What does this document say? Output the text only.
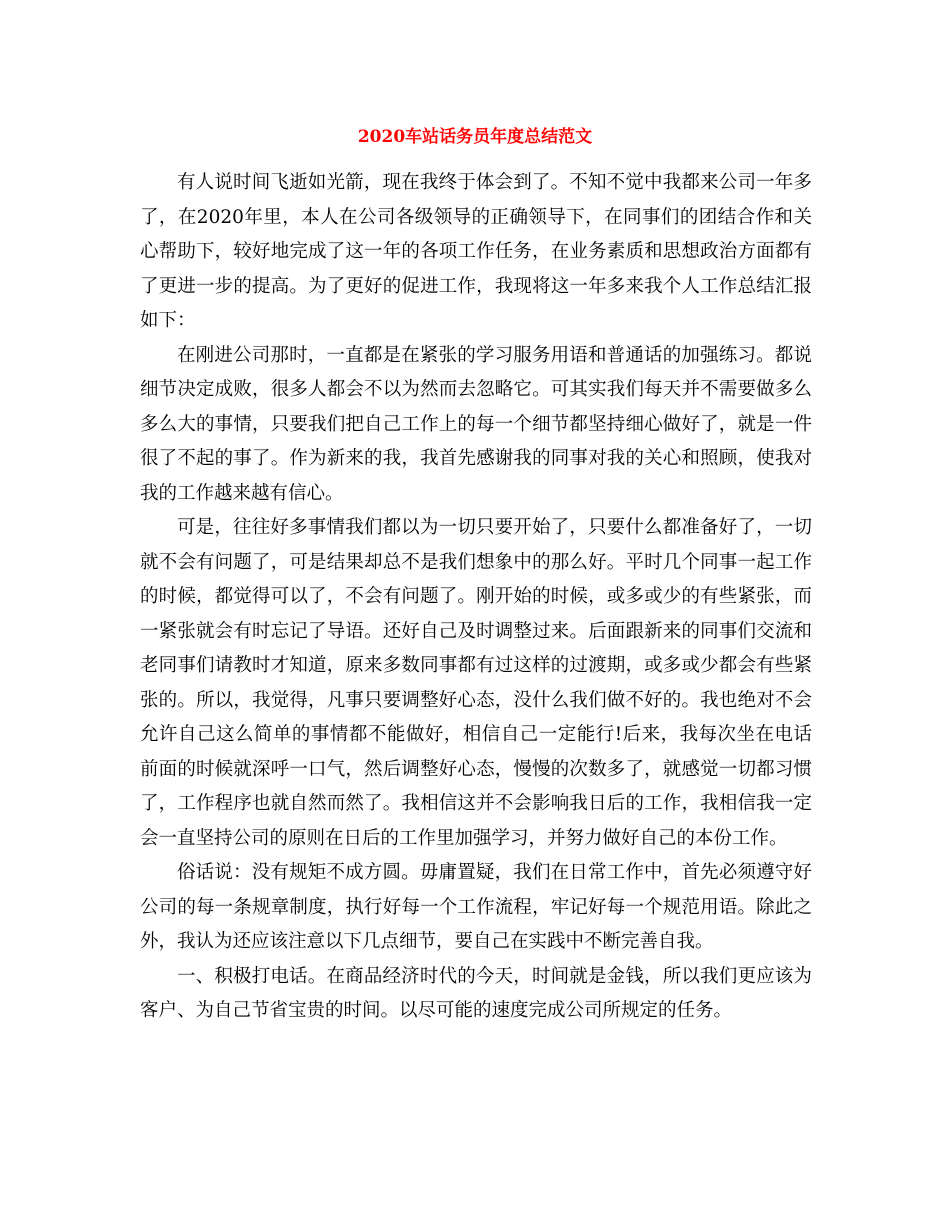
2020车站话务员年度总结范文

有人说时间飞逝如光箭，现在我终于体会到了。不知不觉中我都来公司一年多了，在2020年里，本人在公司各级领导的正确领导下，在同事们的团结合作和关心帮助下，较好地完成了这一年的各项工作任务，在业务素质和思想政治方面都有了更进一步的提高。为了更好的促进工作，我现将这一年多来我个人工作总结汇报如下：

在刚进公司那时，一直都是在紧张的学习服务用语和普通话的加强练习。都说细节决定成败，很多人都会不以为然而去忽略它。可其实我们每天并不需要做多么多么大的事情，只要我们把自己工作上的每一个细节都坚持细心做好了，就是一件很了不起的事了。作为新来的我，我首先感谢我的同事对我的关心和照顾，使我对我的工作越来越有信心。

可是，往往好多事情我们都以为一切只要开始了，只要什么都准备好了，一切就不会有问题了，可是结果却总不是我们想象中的那么好。平时几个同事一起工作的时候，都觉得可以了，不会有问题了。刚开始的时候，或多或少的有些紧张，而一紧张就会有时忘记了导语。还好自己及时调整过来。后面跟新来的同事们交流和老同事们请教时才知道，原来多数同事都有过这样的过渡期，或多或少都会有些紧张的。所以，我觉得，凡事只要调整好心态，没什么我们做不好的。我也绝对不会允许自己这么简单的事情都不能做好，相信自己一定能行!后来，我每次坐在电话前面的时候就深呼一口气，然后调整好心态，慢慢的次数多了，就感觉一切都习惯了，工作程序也就自然而然了。我相信这并不会影响我日后的工作，我相信我一定会一直坚持公司的原则在日后的工作里加强学习，并努力做好自己的本份工作。

俗话说：没有规矩不成方圆。毋庸置疑，我们在日常工作中，首先必须遵守好公司的每一条规章制度，执行好每一个工作流程，牢记好每一个规范用语。除此之外，我认为还应该注意以下几点细节，要自己在实践中不断完善自我。

一、积极打电话。在商品经济时代的今天，时间就是金钱，所以我们更应该为客户、为自己节省宝贵的时间。以尽可能的速度完成公司所规定的任务。
